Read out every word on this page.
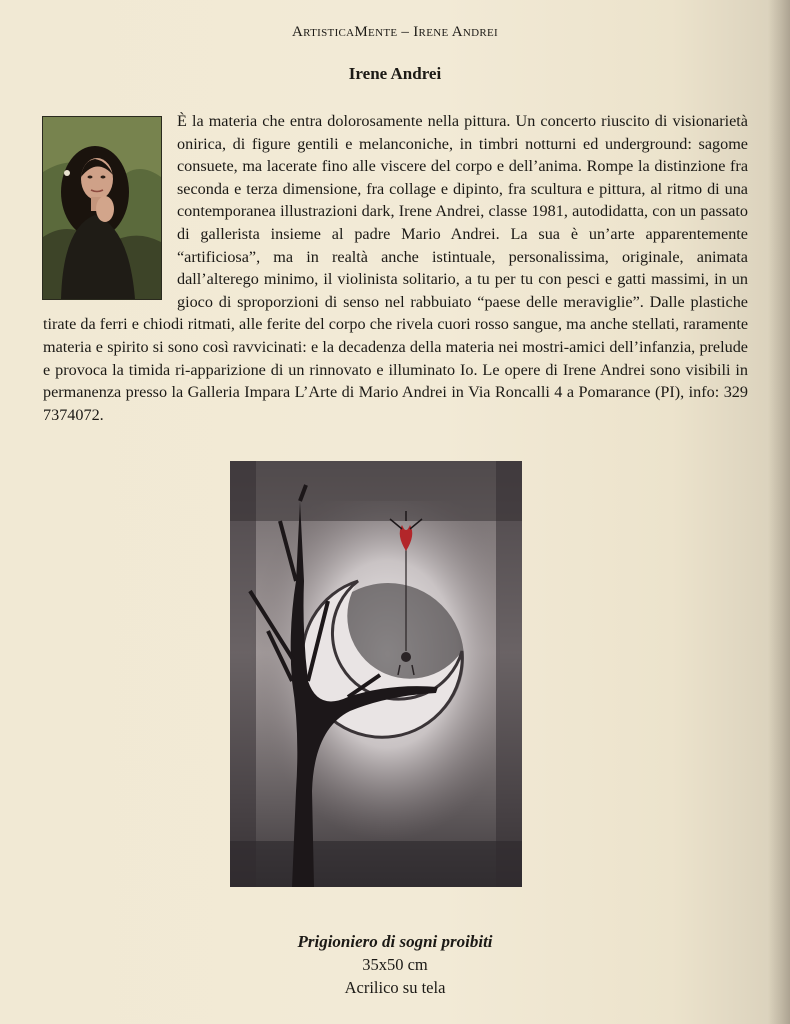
ArtisticaMente – Irene Andrei
Irene Andrei
È la materia che entra dolorosamente nella pittura. Un concerto riuscito di visionarietà onirica, di figure gentili e melanconiche, in timbri notturni ed underground: sagome consuete, ma lacerate fino alle viscere del corpo e dell’anima. Rompe la distinzione fra seconda e terza dimensione, fra collage e dipinto, fra scultura e pittura, al ritmo di una contemporanea illustrazioni dark, Irene Andrei, classe 1981, autodidatta, con un passato di gallerista insieme al padre Mario Andrei. La sua è un’arte apparentemente “artificiosa”, ma in realtà anche istintuale, personalissima, originale, animata dall’alterego minimo, il violinista solitario, a tu per tu con pesci e gatti massimi, in un gioco di sproporzioni di senso nel rabbuiato “paese delle meraviglie”. Dalle plastiche tirate da ferri e chiodi ritmati, alle ferite del corpo che rivela cuori rosso sangue, ma anche stellati, raramente materia e spirito si sono così ravvicinati: e la decadenza della materia nei mostri-amici dell’infanzia, prelude e provoca la timida ri-apparizione di un rinnovato e illuminato Io. Le opere di Irene Andrei sono visibili in permanenza presso la Galleria Impara L’Arte di Mario Andrei in Via Roncalli 4 a Pomarance (PI), info: 329 7374072.
Prigioniero di sogni proibiti
35x50 cm
Acrilico su tela
